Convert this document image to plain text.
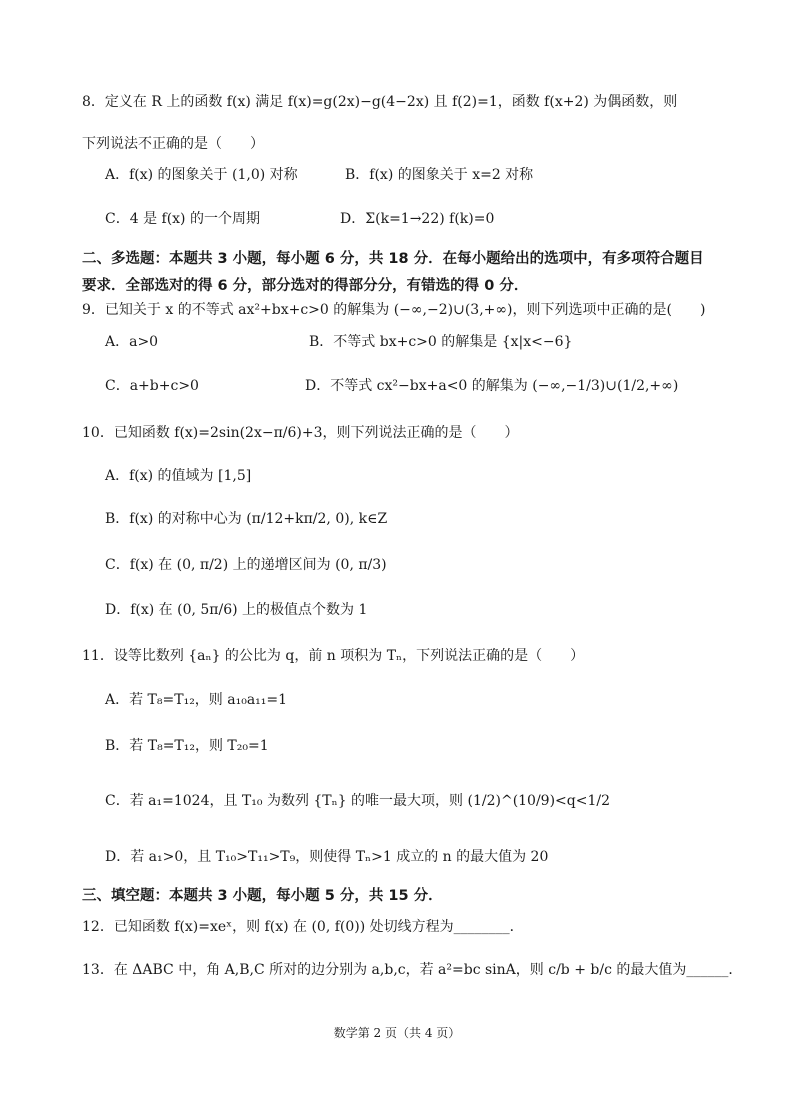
8．定义在 R 上的函数 f(x) 满足 f(x)=g(2x)−g(4−2x) 且 f(2)=1，函数 f(x+2) 为偶函数，则
下列说法不正确的是（　　）
A．f(x) 的图象关于 (1,0) 对称	B．f(x) 的图象关于 x=2 对称
C．4 是 f(x) 的一个周期	D．Σ(k=1→22) f(k)=0
二、多选题：本题共 3 小题，每小题 6 分，共 18 分．在每小题给出的选项中，有多项符合题目
要求．全部选对的得 6 分，部分选对的得部分分，有错选的得 0 分．
9．已知关于 x 的不等式 ax²+bx+c>0 的解集为 (−∞,−2)∪(3,+∞)，则下列选项中正确的是(　　)
A．a>0	B．不等式 bx+c>0 的解集是 {x|x<−6}
C．a+b+c>0	D．不等式 cx²−bx+a<0 的解集为 (−∞,−1/3)∪(1/2,+∞)
10．已知函数 f(x)=2sin(2x−π/6)+3，则下列说法正确的是（　　）
A．f(x) 的值域为 [1,5]
B．f(x) 的对称中心为 (π/12+kπ/2, 0), k∈Z
C．f(x) 在 (0, π/2) 上的递增区间为 (0, π/3)
D．f(x) 在 (0, 5π/6) 上的极值点个数为 1
11．设等比数列 {aₙ} 的公比为 q，前 n 项积为 Tₙ，下列说法正确的是（　　）
A．若 T₈=T₁₂，则 a₁₀a₁₁=1
B．若 T₈=T₁₂，则 T₂₀=1
C．若 a₁=1024，且 T₁₀ 为数列 {Tₙ} 的唯一最大项，则 (1/2)^(10/9)<q<1/2
D．若 a₁>0，且 T₁₀>T₁₁>T₉，则使得 Tₙ>1 成立的 n 的最大值为 20
三、填空题：本题共 3 小题，每小题 5 分，共 15 分．
12．已知函数 f(x)=xeˣ，则 f(x) 在 (0, f(0)) 处切线方程为________．
13．在 ΔABC 中，角 A,B,C 所对的边分别为 a,b,c，若 a²=bc sinA，则 c/b + b/c 的最大值为______．
数学第 2 页（共 4 页）
